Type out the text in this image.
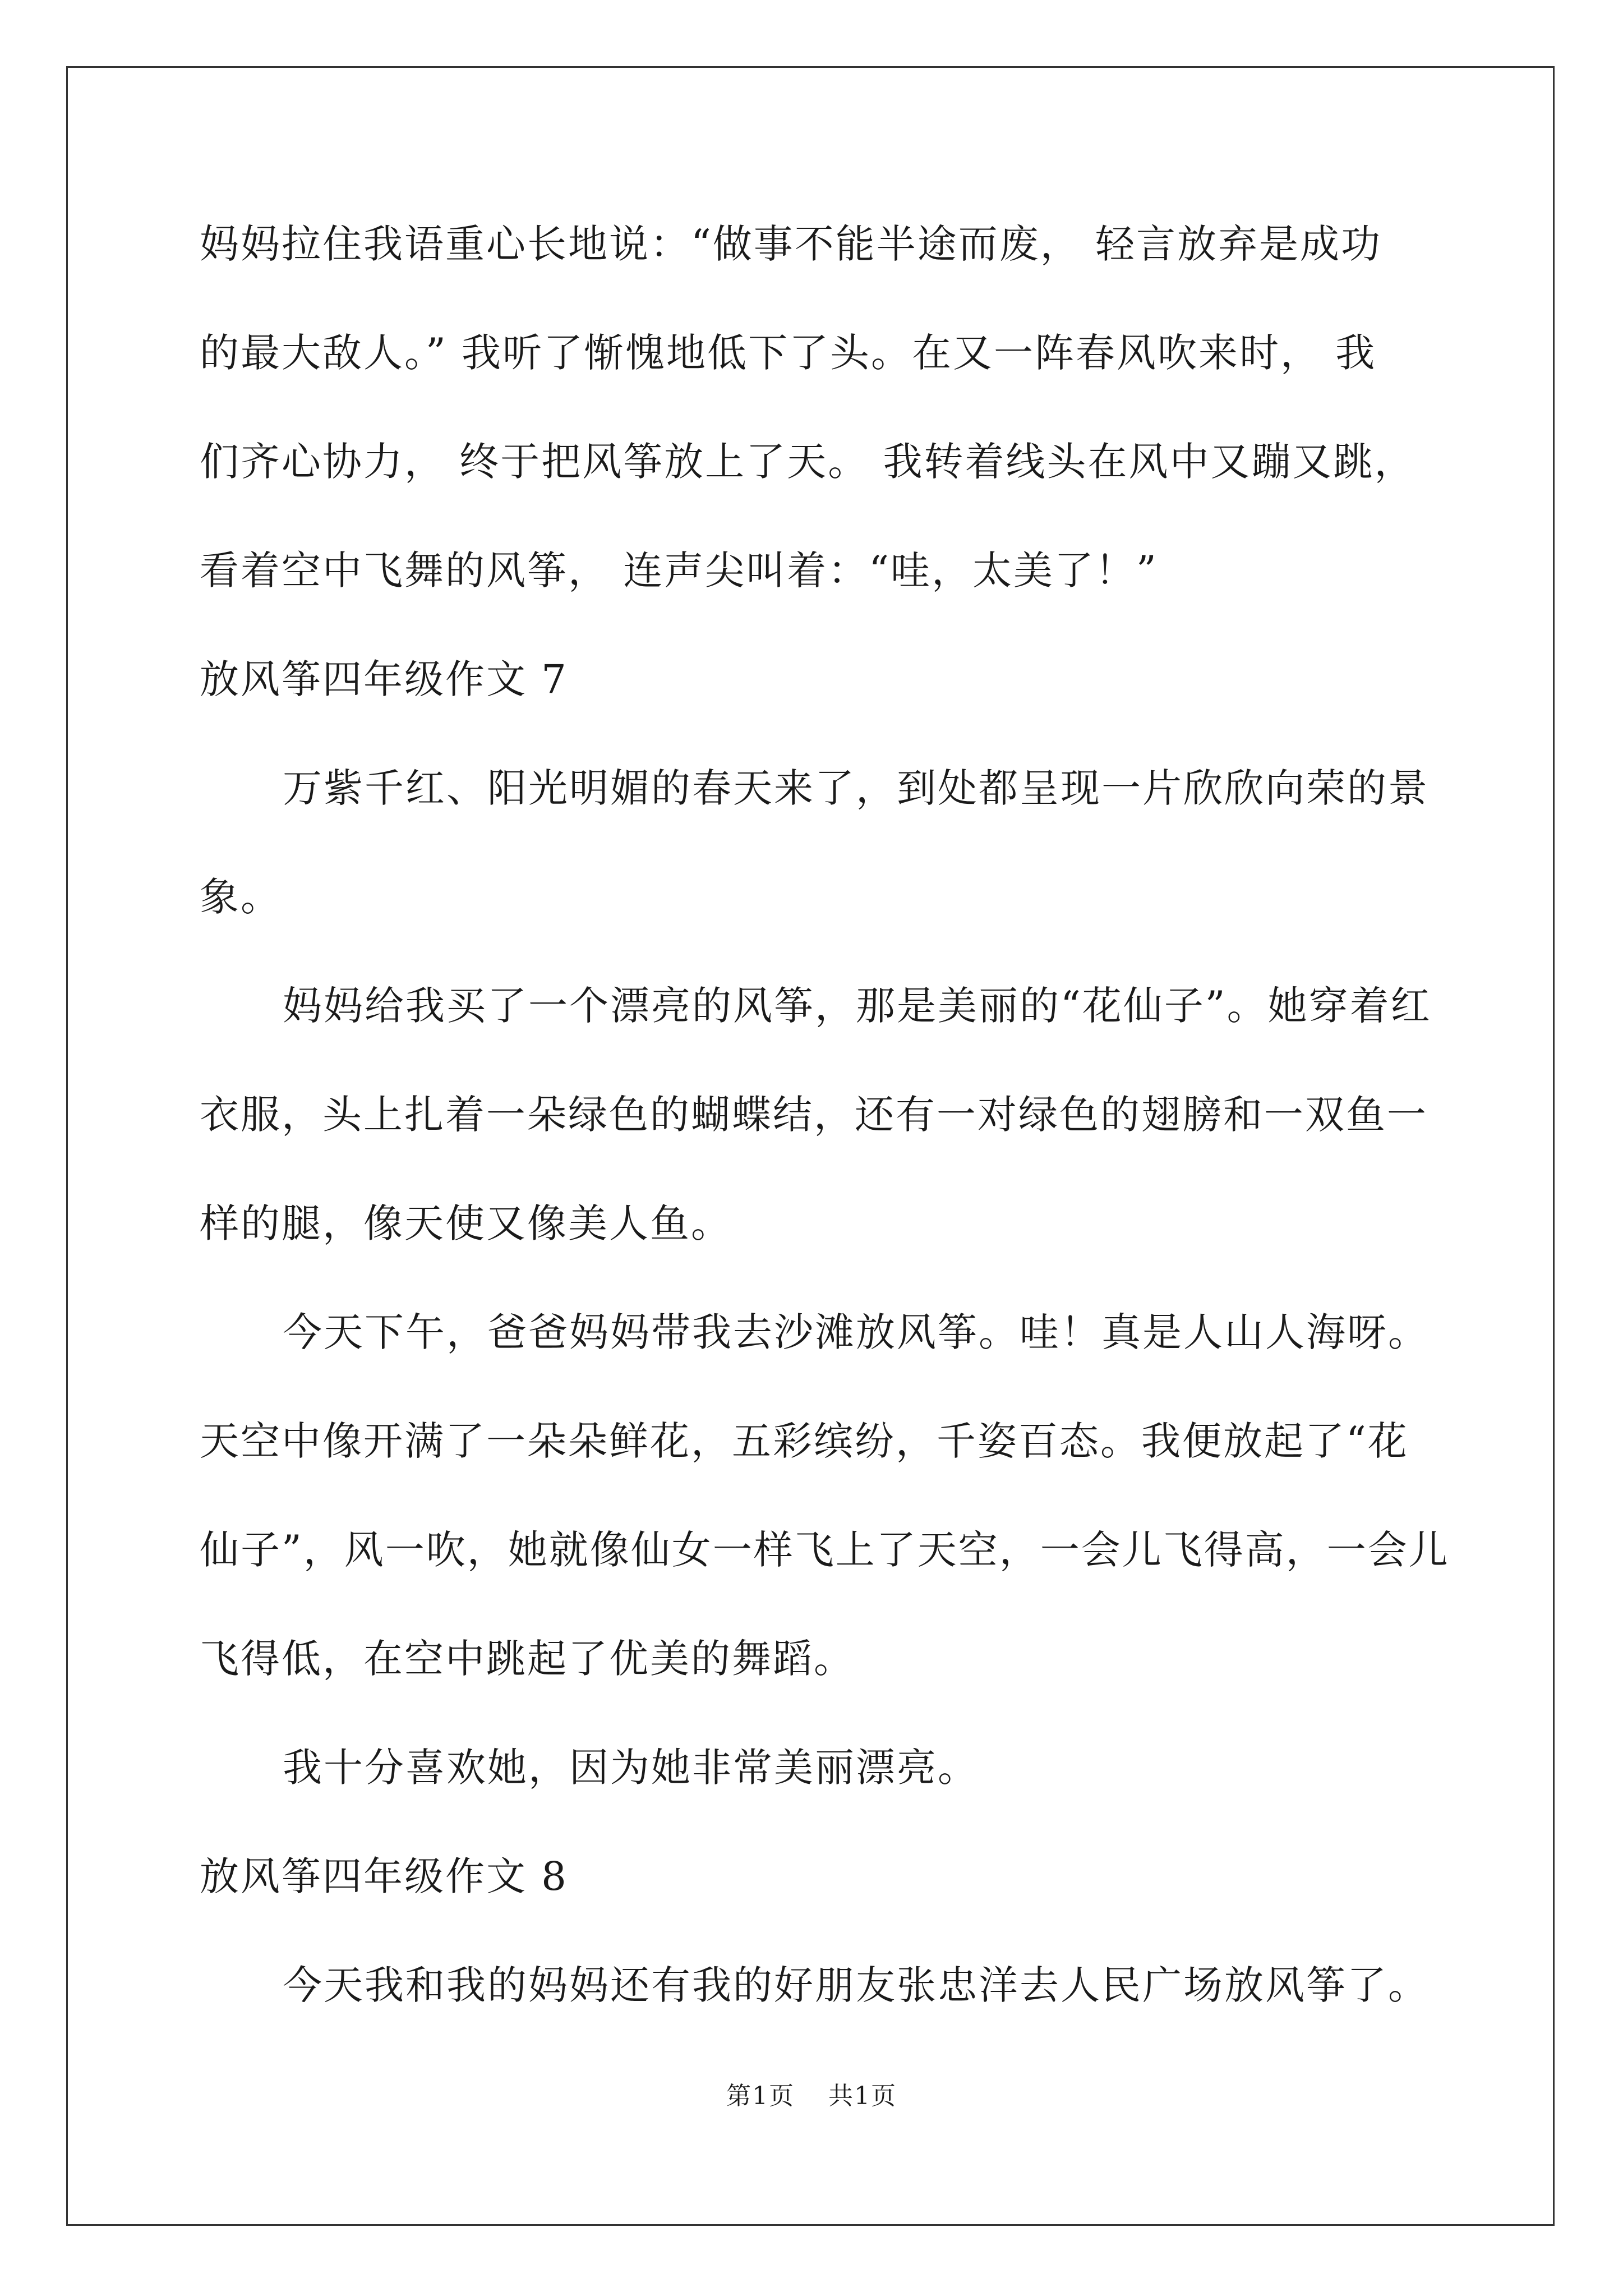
妈妈拉住我语重心长地说：“做事不能半途而废， 轻言放弃是成功
的最大敌人。” 我听了惭愧地低下了头。在又一阵春风吹来时， 我
们齐心协力， 终于把风筝放上了天。 我转着线头在风中又蹦又跳，
看着空中飞舞的风筝， 连声尖叫着：“哇，太美了！”
放风筝四年级作文 7
万紫千红、阳光明媚的春天来了，到处都呈现一片欣欣向荣的景
象。
妈妈给我买了一个漂亮的风筝，那是美丽的“花仙子”。她穿着红
衣服，头上扎着一朵绿色的蝴蝶结，还有一对绿色的翅膀和一双鱼一
样的腿，像天使又像美人鱼。
今天下午，爸爸妈妈带我去沙滩放风筝。哇！真是人山人海呀。
天空中像开满了一朵朵鲜花，五彩缤纷，千姿百态。我便放起了“花
仙子”，风一吹，她就像仙女一样飞上了天空，一会儿飞得高，一会儿
飞得低，在空中跳起了优美的舞蹈。
我十分喜欢她，因为她非常美丽漂亮。
放风筝四年级作文 8
今天我和我的妈妈还有我的好朋友张忠洋去人民广场放风筝了。
第1页 共1页
